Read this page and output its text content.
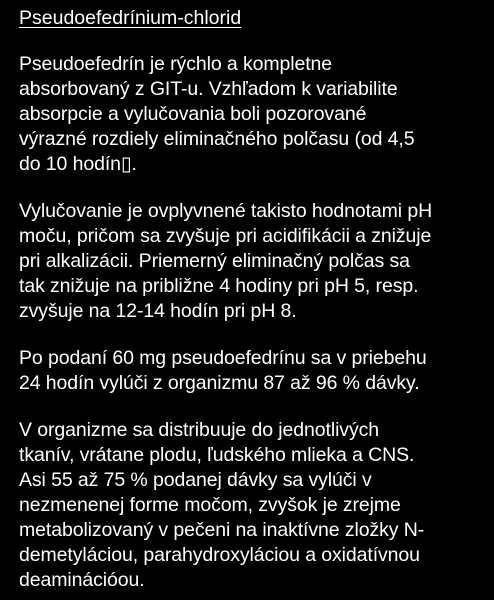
Pseudoefedrínium-chlorid
Pseudoefedrín je rýchlo a kompletne
absorbovaný z GIT-u. Vzhľadom k variabilite
absorpcie a vylučovania boli pozorované
výrazné rozdiely eliminačného polčasu (od 4,5
do 10 hodín▯.
Vylučovanie je ovplyvnené takisto hodnotami pH
moču, pričom sa zvyšuje pri acidifikácii a znižuje
pri alkalizácii. Priemerný eliminačný polčas sa
tak znižuje na približne 4 hodiny pri pH 5, resp.
zvyšuje na 12-14 hodín pri pH 8.
Po podaní 60 mg pseudoefedrínu sa v priebehu
24 hodín vylúči z organizmu 87 až 96 % dávky.
V organizme sa distribuuje do jednotlivých
tkanív, vrátane plodu, ľudského mlieka a CNS.
Asi 55 až 75 % podanej dávky sa vylúči v
nezmenenej forme močom, zvyšok je zrejme
metabolizovaný v pečeni na inaktívne zložky N-
demetyláciou, parahydroxyláciou a oxidatívnou
deaminációou.
